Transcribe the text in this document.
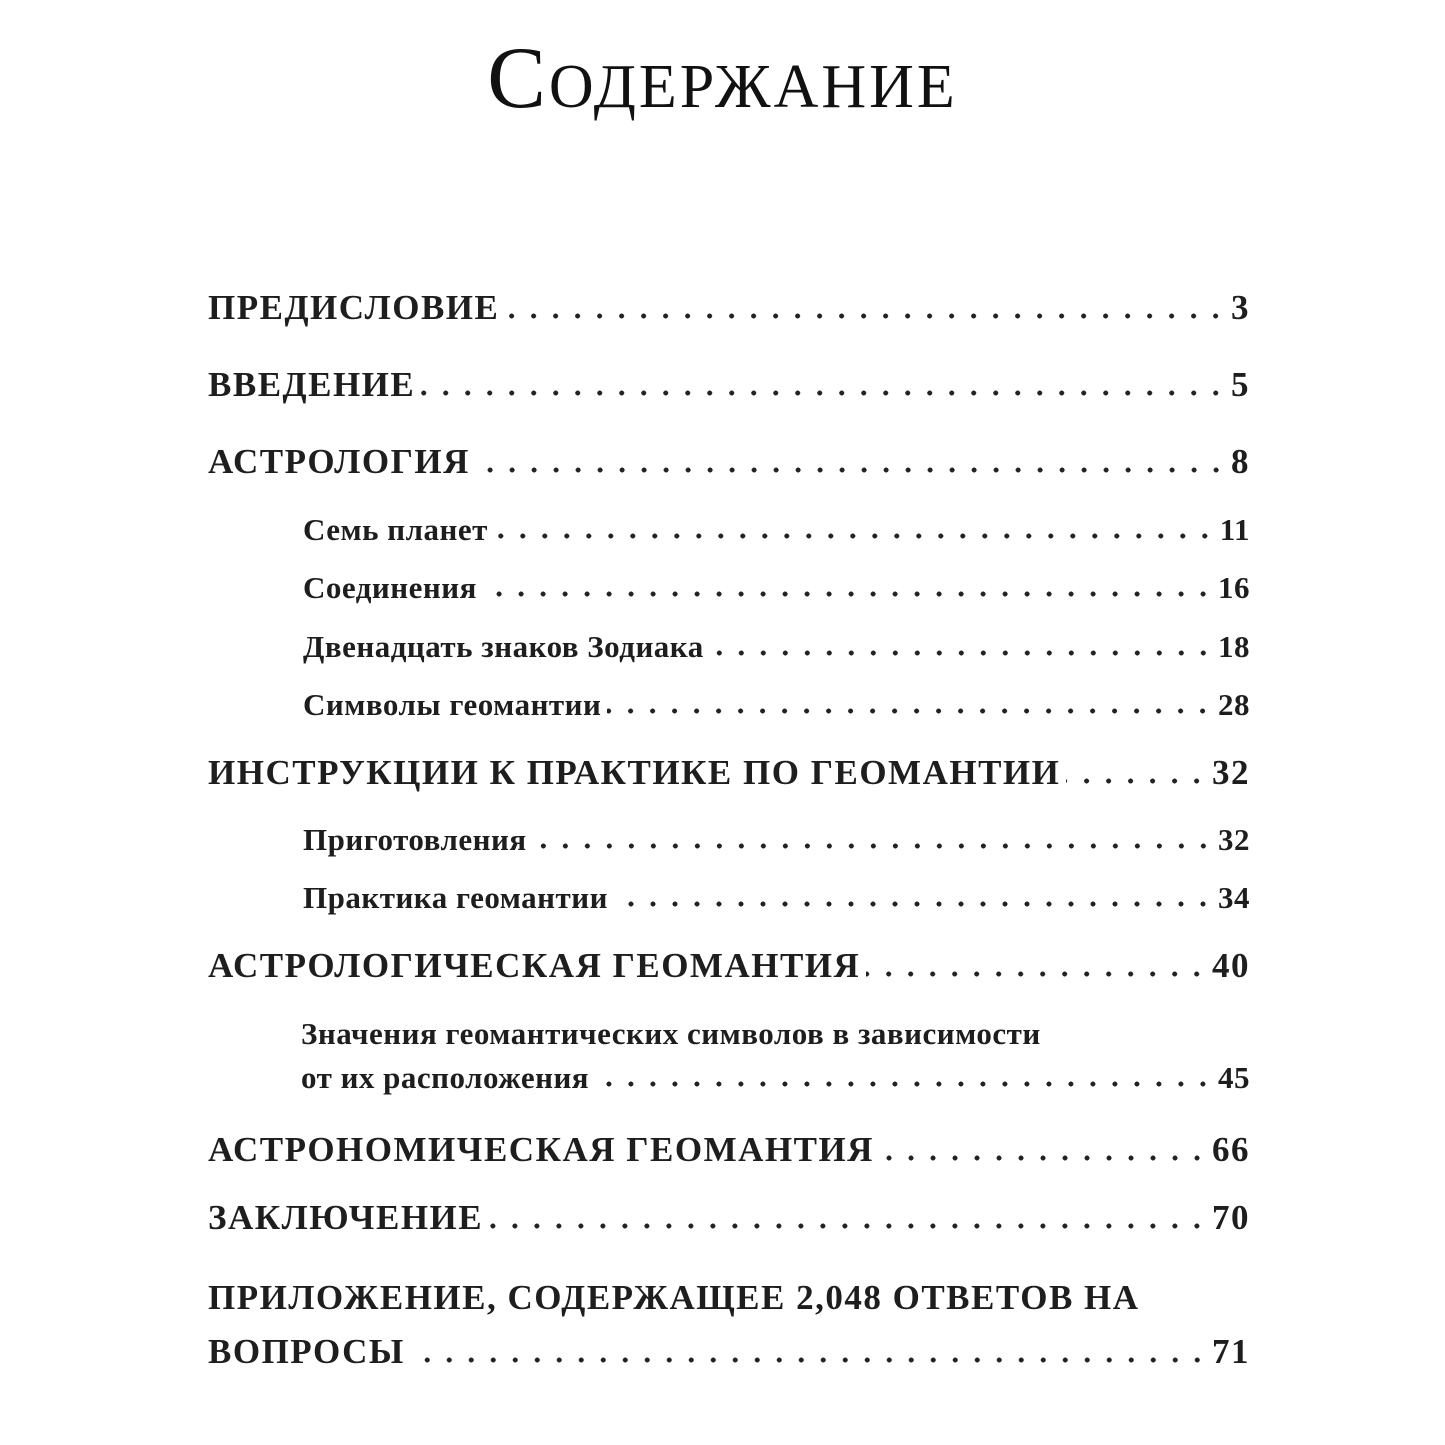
Содержание
ПРЕДИСЛОВИЕ	3
ВВЕДЕНИЕ	5
АСТРОЛОГИЯ	8
Семь планет	11
Соединения	16
Двенадцать знаков Зодиака	18
Символы геомантии	28
ИНСТРУКЦИИ К ПРАКТИКЕ ПО ГЕОМАНТИИ	32
Приготовления	32
Практика геомантии	34
АСТРОЛОГИЧЕСКАЯ ГЕОМАНТИЯ	40
Значения геомантических символов в зависимости
от их расположения	45
АСТРОНОМИЧЕСКАЯ ГЕОМАНТИЯ	66
ЗАКЛЮЧЕНИЕ	70
ПРИЛОЖЕНИЕ, СОДЕРЖАЩЕЕ 2,048 ОТВЕТОВ НА
ВОПРОСЫ	71
